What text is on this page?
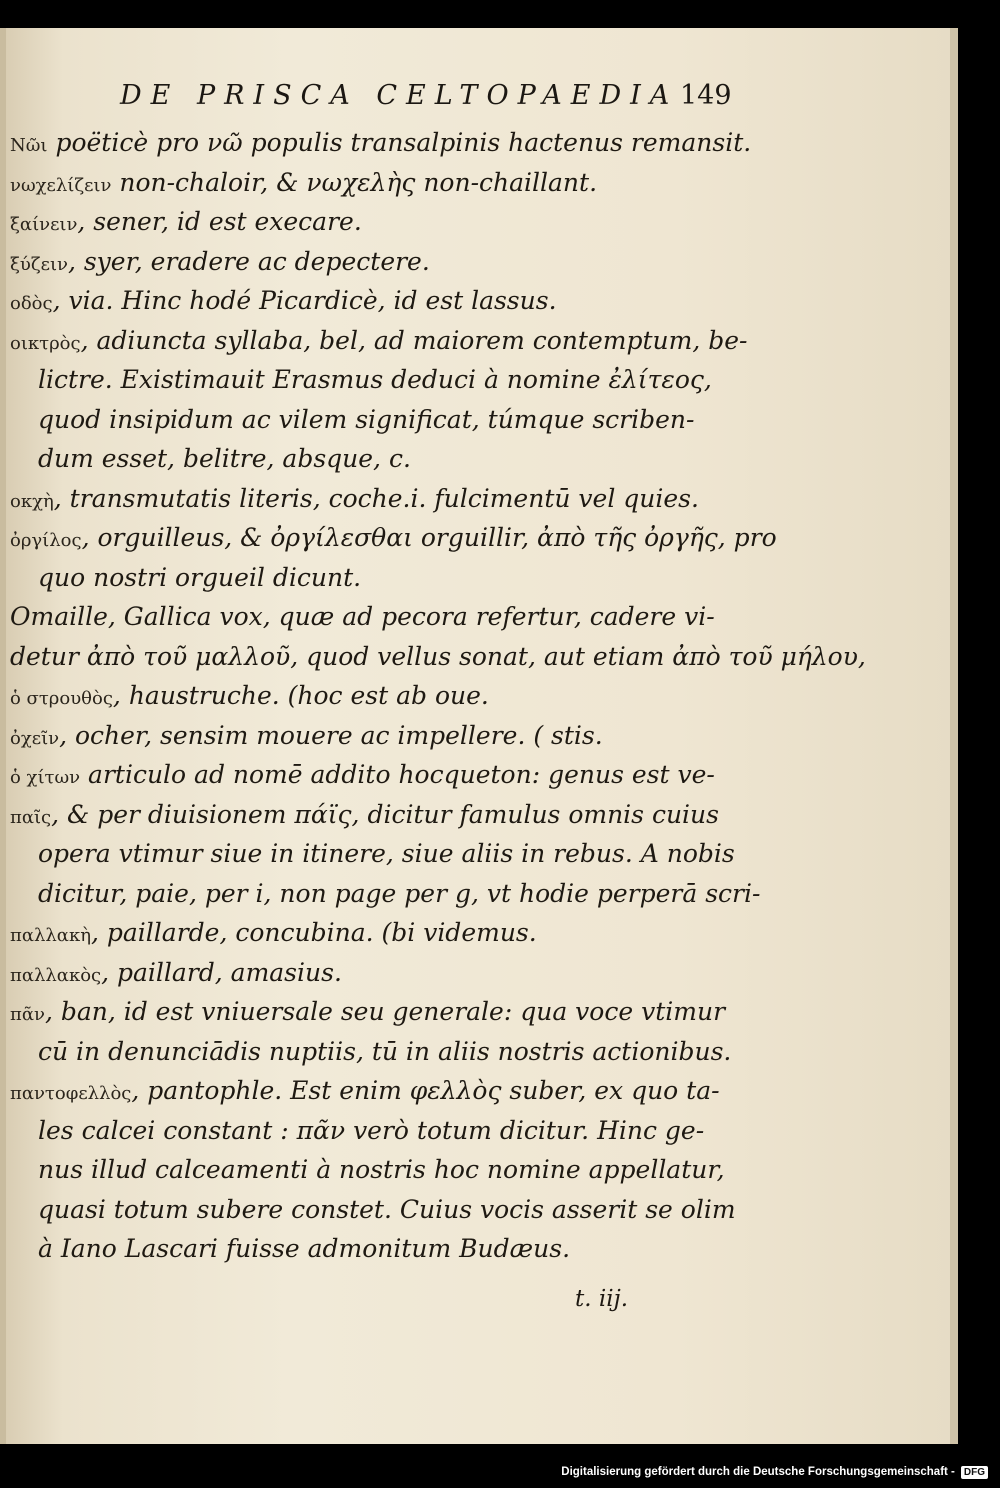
DE PRISCA CELTOPAEDIA 149
Nῶι poëticè pro νῶ populis transalpinis hactenus remansit.
νωχελίζειν non-chaloir, & νωχελὴς non-chaillant.
ξαίνειν, sener, id est execare.
ξύζειν, syer, eradere ac depectere.
οδὸς, via. Hinc hodé Picardicè, id est lassus.
οικτρὸς, adiuncta syllaba, bel, ad maiorem contemptum, be-
lictre. Existimauit Erasmus deduci à nomine ἐλίτεος,
quod insipidum ac vilem significat, túmque scriben-
dum esset, belitre, absque, c.
οκχὴ, transmutatis literis, coche.i. fulcimentū vel quies.
ὀργίλος, orguilleus, & ὀργίλεσθαι orguillir, ἀπὸ τῆς ὀργῆς, pro
quo nostri orgueil dicunt.
Omaille, Gallica vox, quæ ad pecora refertur, cadere vi-
detur ἀπὸ τοῦ μαλλοῦ, quod vellus sonat, aut etiam ἀπὸ τοῦ μήλου,
ὁ στρουθὸς, haustruche. (hoc est ab oue.
ὀχεῖν, ocher, sensim mouere ac impellere. ( stis.
ὁ χίτων articulo ad nomē addito hocqueton: genus est ve-
παῖς, & per diuisionem πάϊς, dicitur famulus omnis cuius
opera vtimur siue in itinere, siue aliis in rebus. A nobis
dicitur, paie, per i, non page per g, vt hodie perperā scri-
παλλακὴ, paillarde, concubina. (bi videmus.
παλλακὸς, paillard, amasius.
πᾶν, ban, id est vniuersale seu generale: qua voce vtimur
cū in denunciādis nuptiis, tū in aliis nostris actionibus.
παντοφελλὸς, pantophle. Est enim φελλὸς suber, ex quo ta-
les calcei constant : πᾶν verò totum dicitur. Hinc ge-
nus illud calceamenti à nostris hoc nomine appellatur,
quasi totum subere constet. Cuius vocis asserit se olim
à Iano Lascari fuisse admonitum Budæus.
t. iij.
Digitalisierung gefördert durch die Deutsche Forschungsgemeinschaft - DFG
